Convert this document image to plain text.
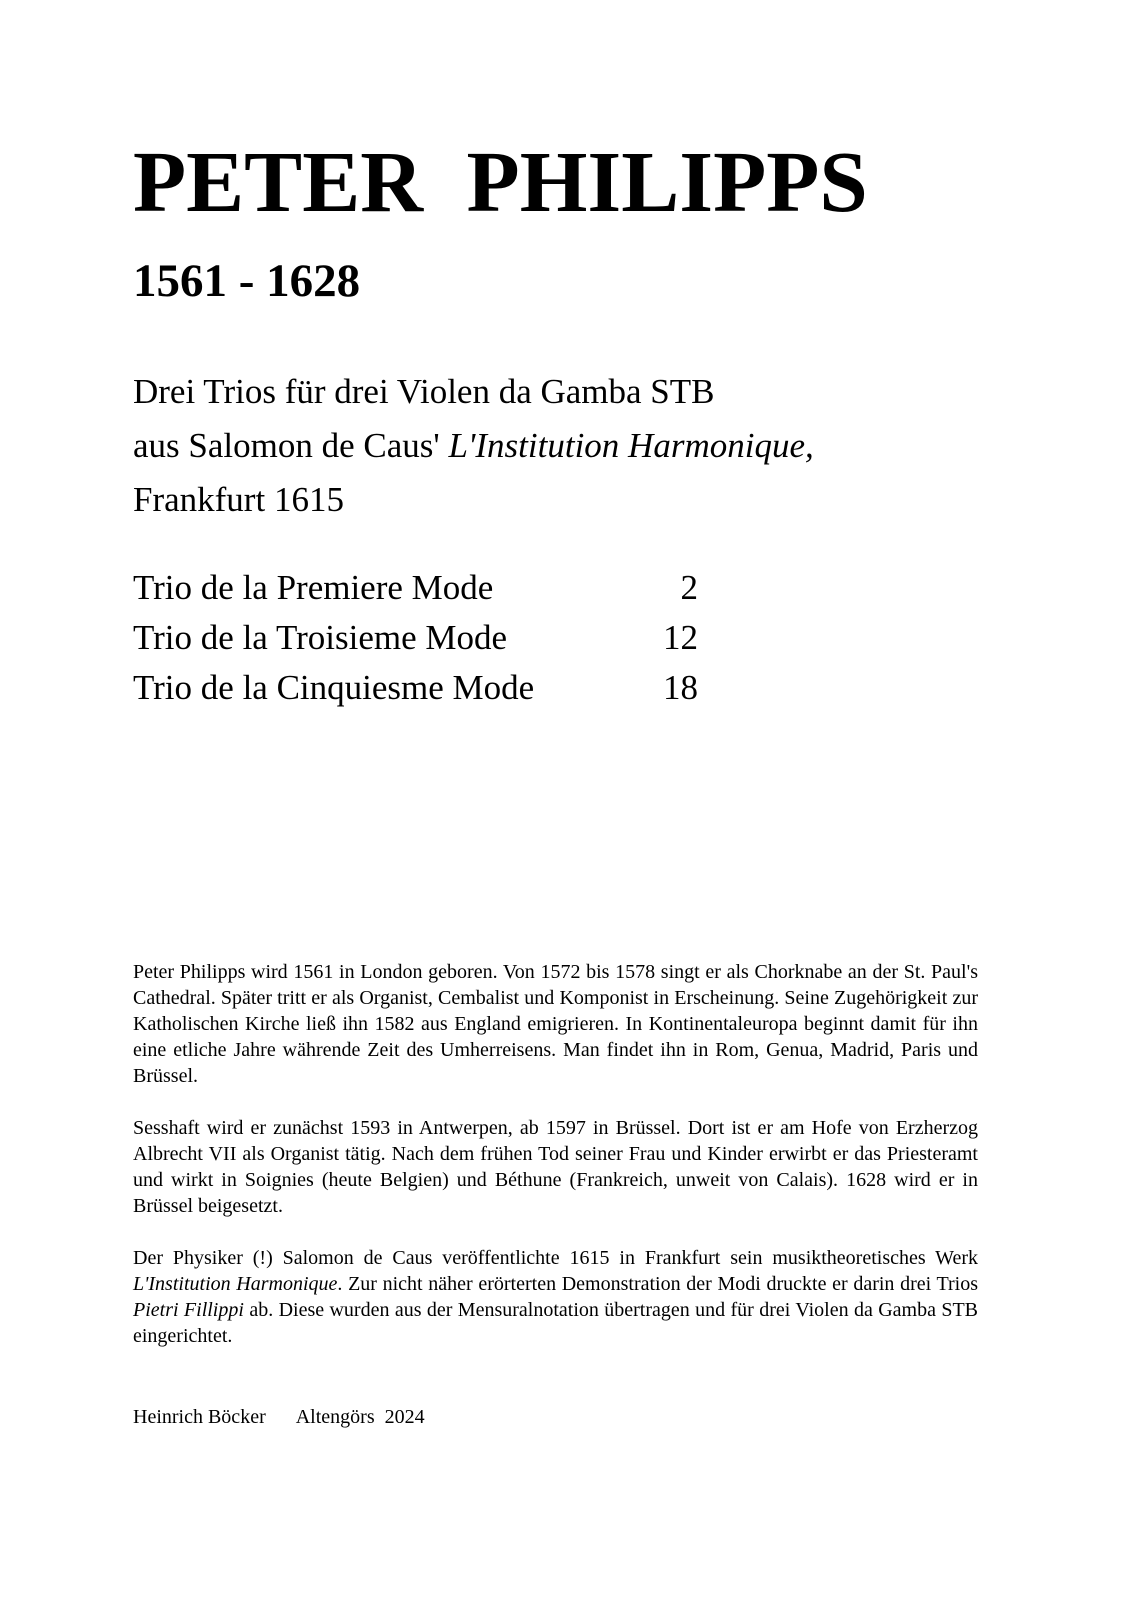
PETER  PHILIPPS
1561 - 1628
Drei Trios für drei Violen da Gamba STB
aus Salomon de Caus' L'Institution Harmonique,
Frankfurt 1615
Trio de la Premiere Mode	2
Trio de la Troisieme Mode	12
Trio de la Cinquiesme Mode	18

Peter Philipps wird 1561 in London geboren. Von 1572 bis 1578 singt er als Chorknabe an der St. Paul's Cathedral. Später tritt er als Organist, Cembalist und Komponist in Erscheinung. Seine Zugehörigkeit zur Katholischen Kirche ließ ihn 1582 aus England emigrieren. In Kontinentaleuropa beginnt damit für ihn eine etliche Jahre währende Zeit des Umherreisens. Man findet ihn in Rom, Genua, Madrid, Paris und Brüssel.

Sesshaft wird er zunächst 1593 in Antwerpen, ab 1597 in Brüssel. Dort ist er am Hofe von Erzherzog Albrecht VII als Organist tätig. Nach dem frühen Tod seiner Frau und Kinder erwirbt er das Priesteramt und wirkt in Soignies (heute Belgien) und Béthune (Frankreich, unweit von Calais). 1628 wird er in Brüssel beigesetzt.

Der Physiker (!) Salomon de Caus veröffentlichte 1615 in Frankfurt sein musiktheoretisches Werk L'Institution Harmonique. Zur nicht näher erörterten Demonstration der Modi druckte er darin drei Trios Pietri Fillippi ab. Diese wurden aus der Mensuralnotation übertragen und für drei Violen da Gamba STB eingerichtet.

Heinrich Böcker Altengörs  2024
